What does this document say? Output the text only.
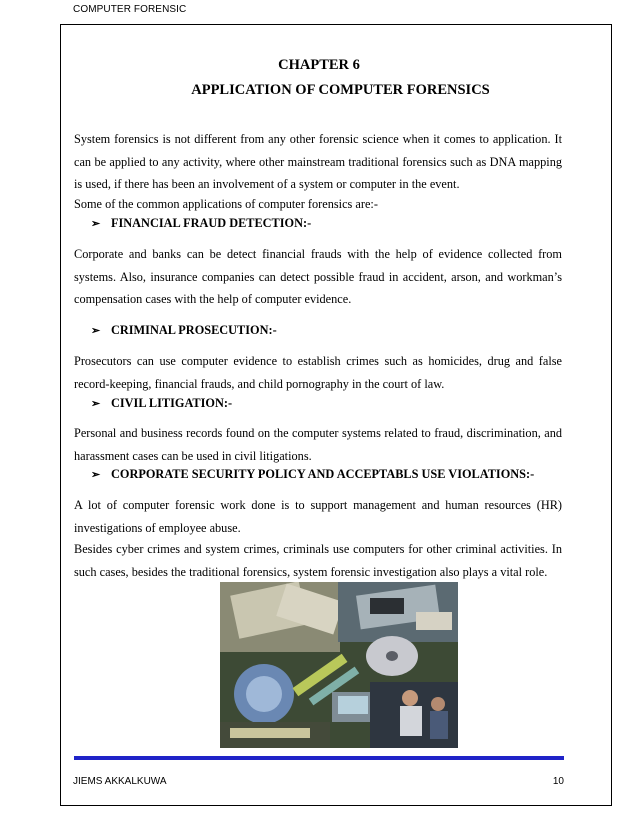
COMPUTER FORENSIC
CHAPTER 6
APPLICATION OF COMPUTER FORENSICS

System forensics is not different from any other forensic science when it comes to application. It can be applied to any activity, where other mainstream traditional forensics such as DNA mapping is used, if there has been an involvement of a system or computer in the event.

Some of the common applications of computer forensics are:-

➢ FINANCIAL FRAUD DETECTION:-

Corporate and banks can be detect financial frauds with the help of evidence collected from systems. Also, insurance companies can detect possible fraud in accident, arson, and workman’s compensation cases with the help of computer evidence.

➢ CRIMINAL PROSECUTION:-

Prosecutors can use computer evidence to establish crimes such as homicides, drug and false record-keeping, financial frauds, and child pornography in the court of law.

➢ CIVIL LITIGATION:-

Personal and business records found on the computer systems related to fraud, discrimination, and harassment cases can be used in civil litigations.

➢ CORPORATE SECURITY POLICY AND ACCEPTABLS USE VIOLATIONS:-

A lot of computer forensic work done is to support management and human resources (HR) investigations of employee abuse.

Besides cyber crimes and system crimes, criminals use computers for other criminal activities. In such cases, besides the traditional forensics, system forensic investigation also plays a vital role.

JIEMS AKKALKUWA	10
